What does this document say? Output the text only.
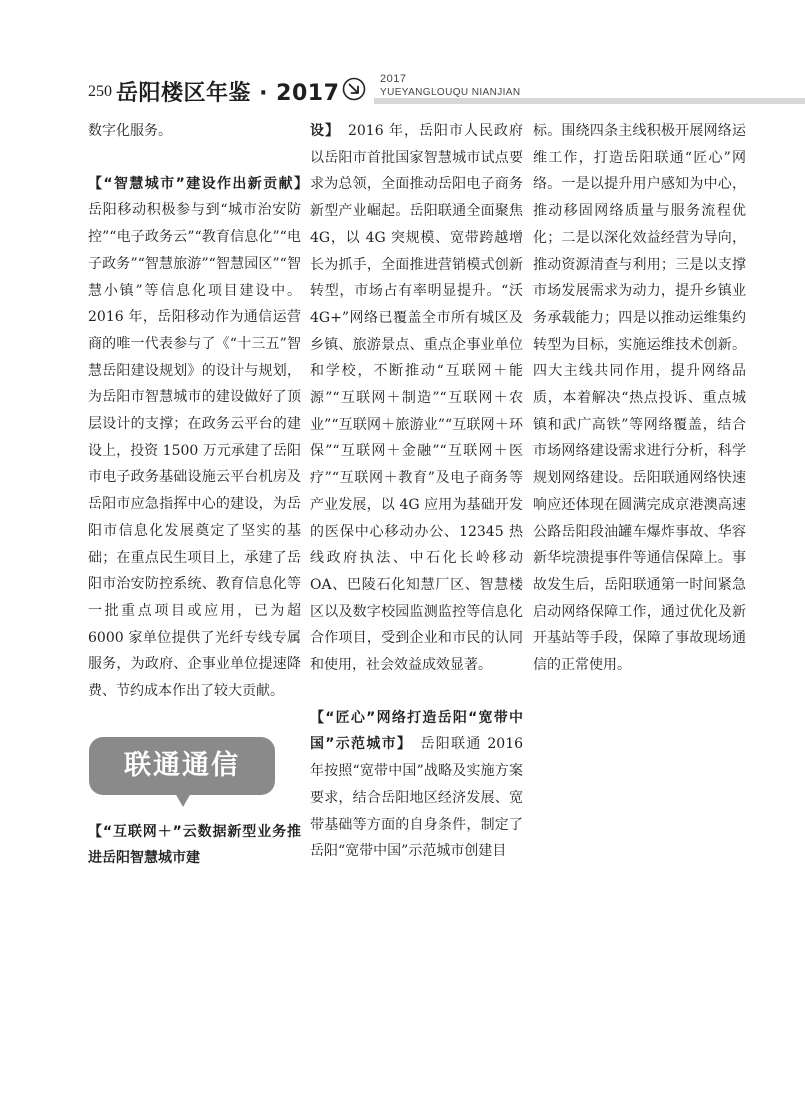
250 岳阳楼区年鉴 · 2017
2017
YUEYANGLOUQU NIANJIAN

数字化服务。

【“智慧城市”建设作出新贡献】　岳阳移动积极参与到“城市治安防控”“电子政务云”“教育信息化”“电子政务”“智慧旅游”“智慧园区”“智慧小镇”等信息化项目建设中。2016 年，岳阳移动作为通信运营商的唯一代表参与了《“十三五”智慧岳阳建设规划》的设计与规划，为岳阳市智慧城市的建设做好了顶层设计的支撑；在政务云平台的建设上，投资 1500 万元承建了岳阳市电子政务基础设施云平台机房及岳阳市应急指挥中心的建设，为岳阳市信息化发展奠定了坚实的基础；在重点民生项目上，承建了岳阳市治安防控系统、教育信息化等一批重点项目或应用，已为超 6000 家单位提供了光纤专线专属服务，为政府、企事业单位提速降费、节约成本作出了较大贡献。

联通通信

【“互联网＋”云数据新型业务推进岳阳智慧城市建

设】　 2016 年，岳阳市人民政府以岳阳市首批国家智慧城市试点要求为总领，全面推动岳阳电子商务新型产业崛起。岳阳联通全面聚焦 4G，以 4G 突规模、宽带跨越增长为抓手，全面推进营销模式创新转型，市场占有率明显提升。“沃 4G+”网络已覆盖全市所有城区及乡镇、旅游景点、重点企事业单位和学校，不断推动“互联网＋能源”“互联网＋制造”“互联网＋农业”“互联网＋旅游业”“互联网＋环保”“互联网＋金融”“互联网＋医疗”“互联网＋教育”及电子商务等产业发展，以 4G 应用为基础开发的医保中心移动办公、12345 热线政府执法、中石化长岭移动 OA、巴陵石化知慧厂区、智慧楼区以及数字校园监测监控等信息化合作项目，受到企业和市民的认同和使用，社会效益成效显著。

【“匠心”网络打造岳阳“宽带中国”示范城市】　 岳阳联通 2016 年按照“宽带中国”战略及实施方案要求，结合岳阳地区经济发展、宽带基础等方面的自身条件，制定了岳阳“宽带中国”示范城市创建目

标。围绕四条主线积极开展网络运维工作，打造岳阳联通“匠心”网络。一是以提升用户感知为中心，推动移固网络质量与服务流程优化；二是以深化效益经营为导向，推动资源清查与利用；三是以支撑市场发展需求为动力，提升乡镇业务承载能力；四是以推动运维集约转型为目标，实施运维技术创新。四大主线共同作用，提升网络品质，本着解决“热点投诉、重点城镇和武广高铁”等网络覆盖，结合市场网络建设需求进行分析，科学规划网络建设。岳阳联通网络快速响应还体现在圆满完成京港澳高速公路岳阳段油罐车爆炸事故、华容新华垸溃提事件等通信保障上。事故发生后，岳阳联通第一时间紧急启动网络保障工作，通过优化及新开基站等手段，保障了事故现场通信的正常使用。
